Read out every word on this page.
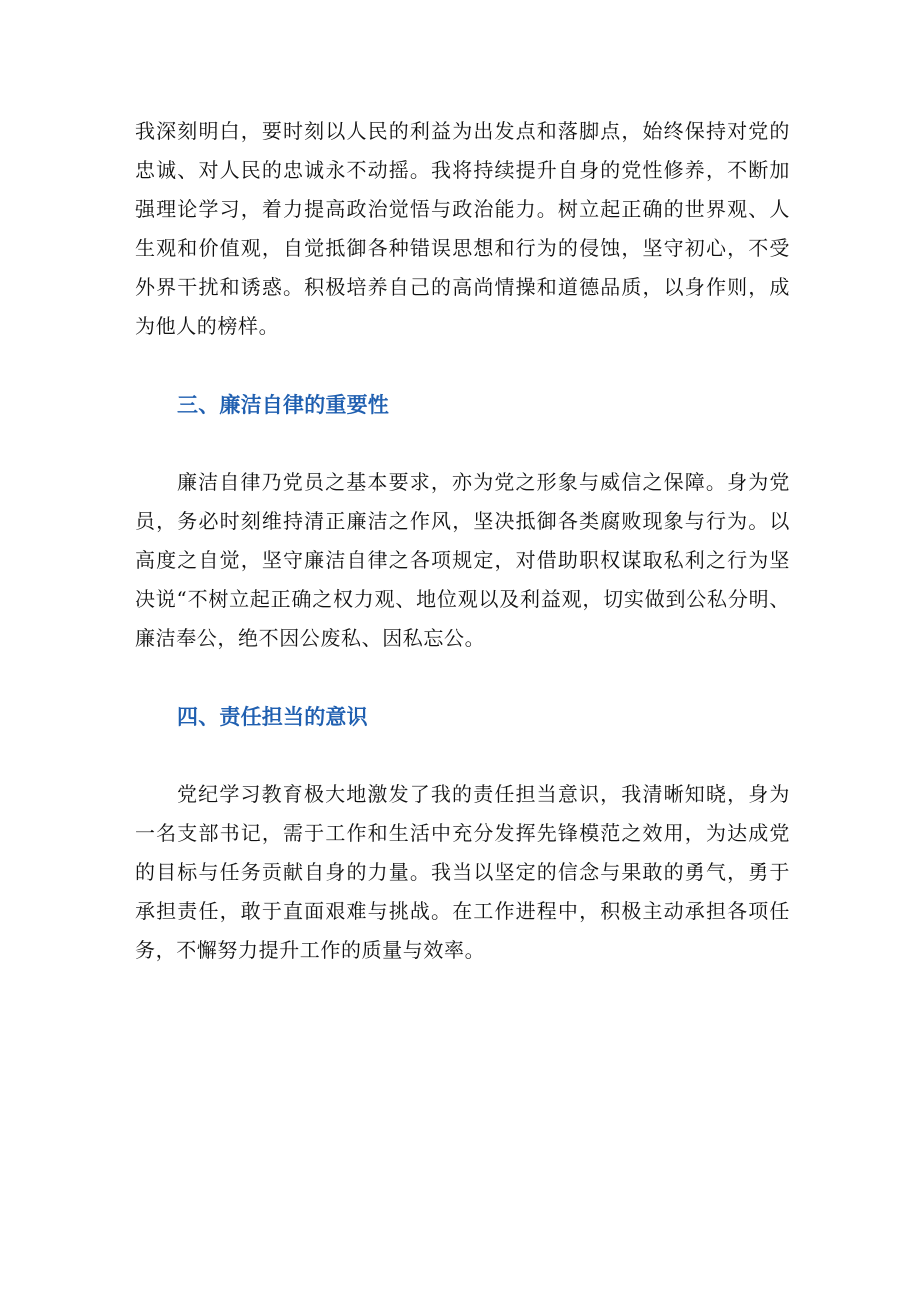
我深刻明白，要时刻以人民的利益为出发点和落脚点，始终保持对党的忠诚、对人民的忠诚永不动摇。我将持续提升自身的党性修养，不断加强理论学习，着力提高政治觉悟与政治能力。树立起正确的世界观、人生观和价值观，自觉抵御各种错误思想和行为的侵蚀，坚守初心，不受外界干扰和诱惑。积极培养自己的高尚情操和道德品质，以身作则，成为他人的榜样。

三、廉洁自律的重要性

廉洁自律乃党员之基本要求，亦为党之形象与威信之保障。身为党员，务必时刻维持清正廉洁之作风，坚决抵御各类腐败现象与行为。以高度之自觉，坚守廉洁自律之各项规定，对借助职权谋取私利之行为坚决说“不树立起正确之权力观、地位观以及利益观，切实做到公私分明、廉洁奉公，绝不因公废私、因私忘公。

四、责任担当的意识

党纪学习教育极大地激发了我的责任担当意识，我清晰知晓，身为一名支部书记，需于工作和生活中充分发挥先锋模范之效用，为达成党的目标与任务贡献自身的力量。我当以坚定的信念与果敢的勇气，勇于承担责任，敢于直面艰难与挑战。在工作进程中，积极主动承担各项任务，不懈努力提升工作的质量与效率。
